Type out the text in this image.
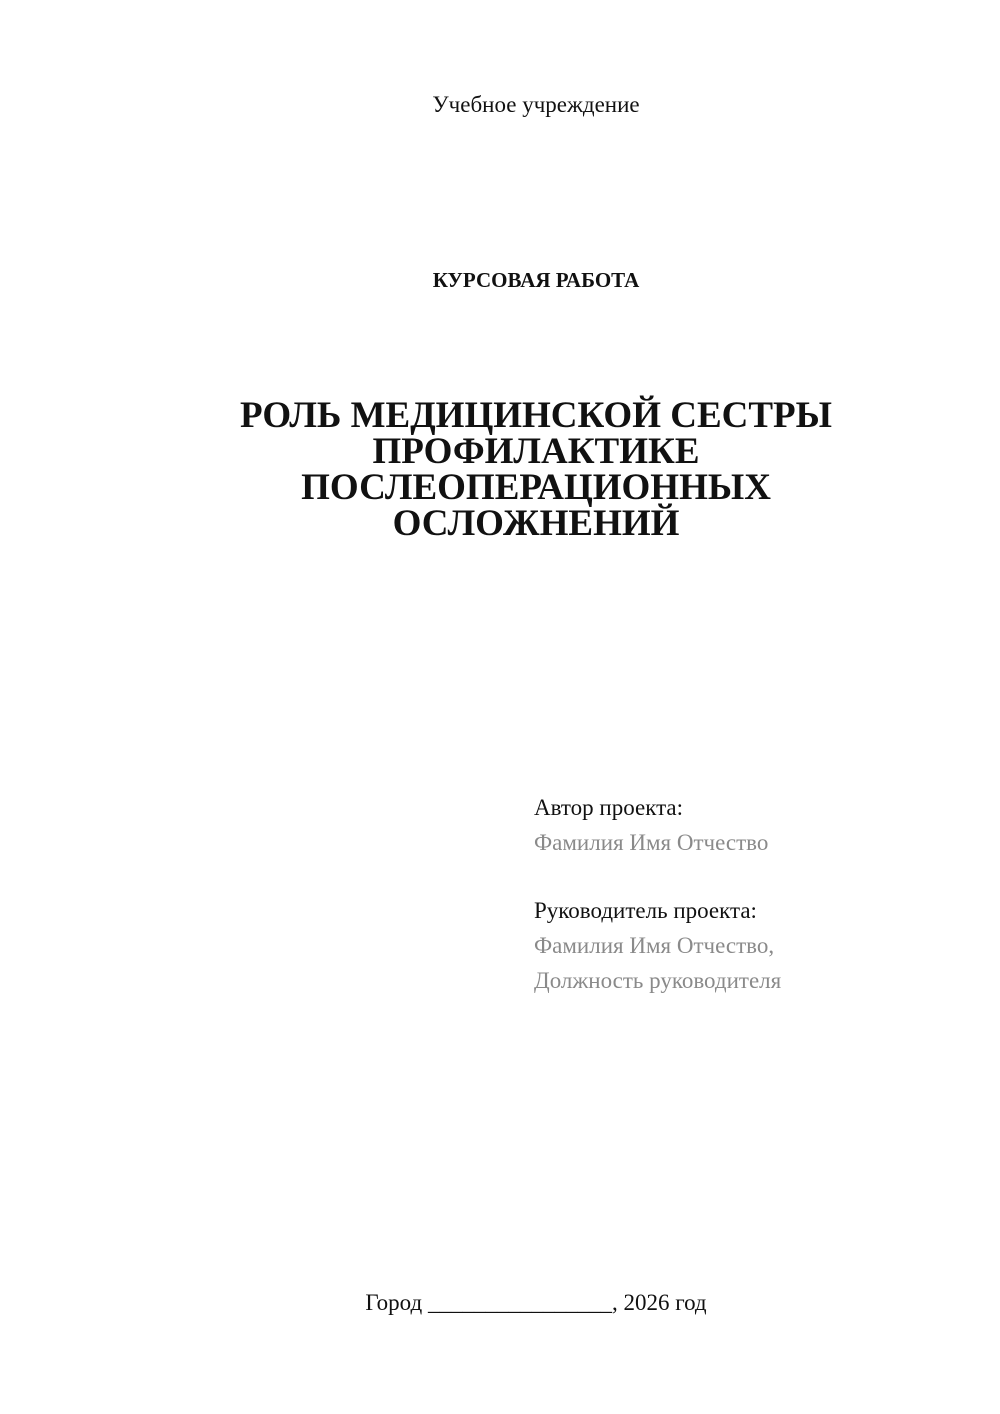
Учебное учреждение
КУРСОВАЯ РАБОТА
РОЛЬ МЕДИЦИНСКОЙ СЕСТРЫ
ПРОФИЛАКТИКЕ
ПОСЛЕОПЕРАЦИОННЫХ
ОСЛОЖНЕНИЙ
Автор проекта:
Фамилия Имя Отчество
Руководитель проекта:
Фамилия Имя Отчество,
Должность руководителя
Город ________________, 2026 год
